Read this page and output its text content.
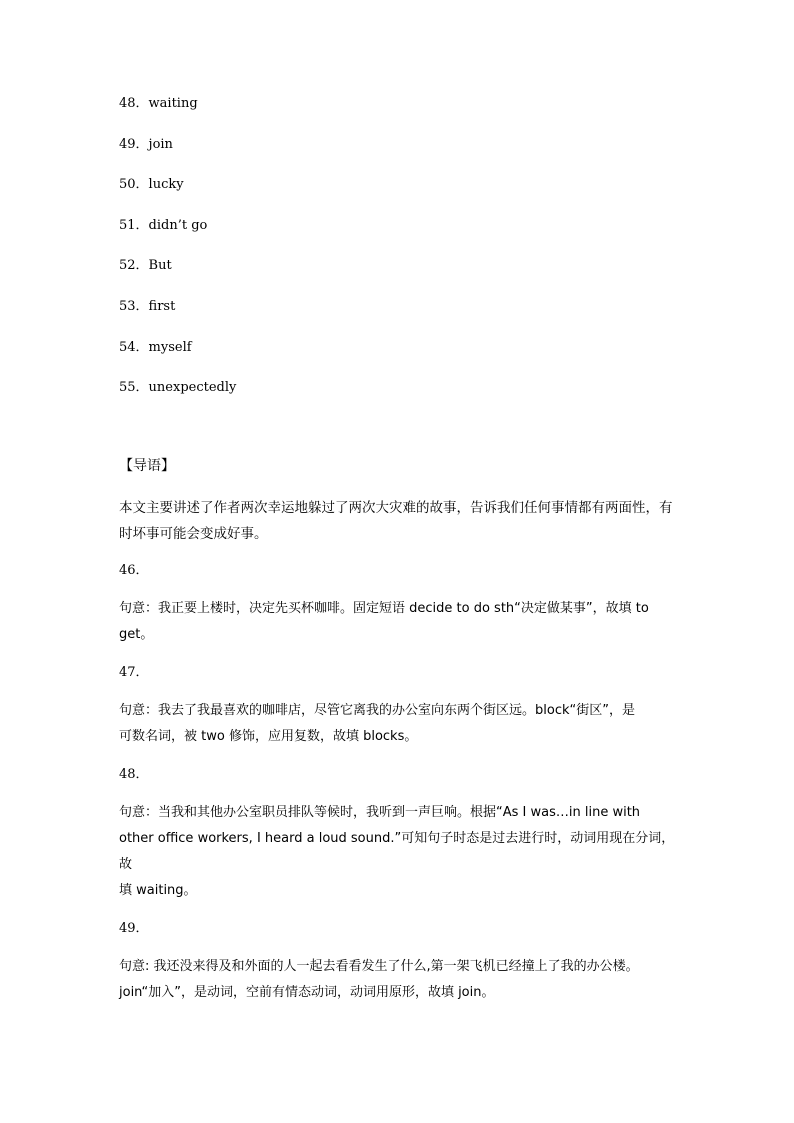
48．waiting
49．join
50．lucky
51．didn’t go
52．But
53．first
54．myself
55．unexpectedly
【导语】
本文主要讲述了作者两次幸运地躲过了两次大灾难的故事，告诉我们任何事情都有两面性，有时坏事可能会变成好事。
46．
句意：我正要上楼时，决定先买杯咖啡。固定短语 decide to do sth“决定做某事”，故填 to
get。
47．
句意：我去了我最喜欢的咖啡店，尽管它离我的办公室向东两个街区远。block“街区”，是
可数名词，被 two 修饰，应用复数，故填 blocks。
48．
句意：当我和其他办公室职员排队等候时，我听到一声巨响。根据“As I was…in line with
other office workers, I heard a loud sound.”可知句子时态是过去进行时，动词用现在分词，故
填 waiting。
49．
句意: 我还没来得及和外面的人一起去看看发生了什么,第一架飞机已经撞上了我的办公楼。
join“加入”，是动词，空前有情态动词，动词用原形，故填 join。
